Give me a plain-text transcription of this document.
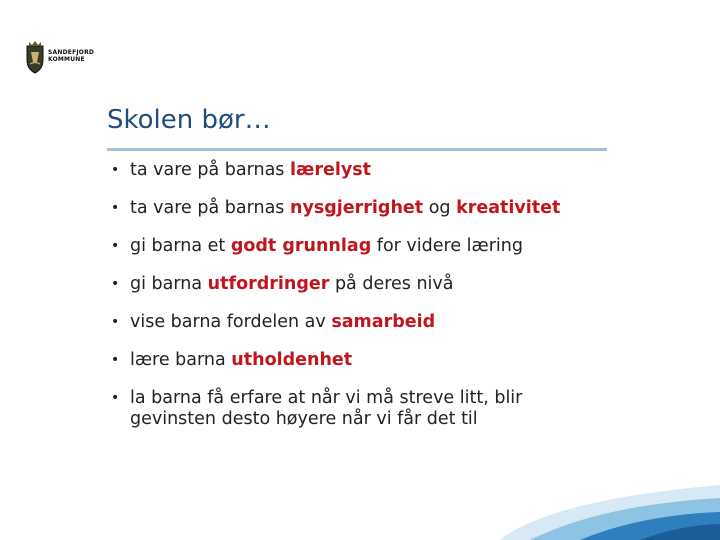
SANDEFJORD
KOMMUNE
Skolen bør…
• ta vare på barnas lærelyst
• ta vare på barnas nysgjerrighet og kreativitet
• gi barna et godt grunnlag for videre læring
• gi barna utfordringer på deres nivå
• vise barna fordelen av samarbeid
• lære barna utholdenhet
• la barna få erfare at når vi må streve litt, blir gevinsten desto høyere når vi får det til
